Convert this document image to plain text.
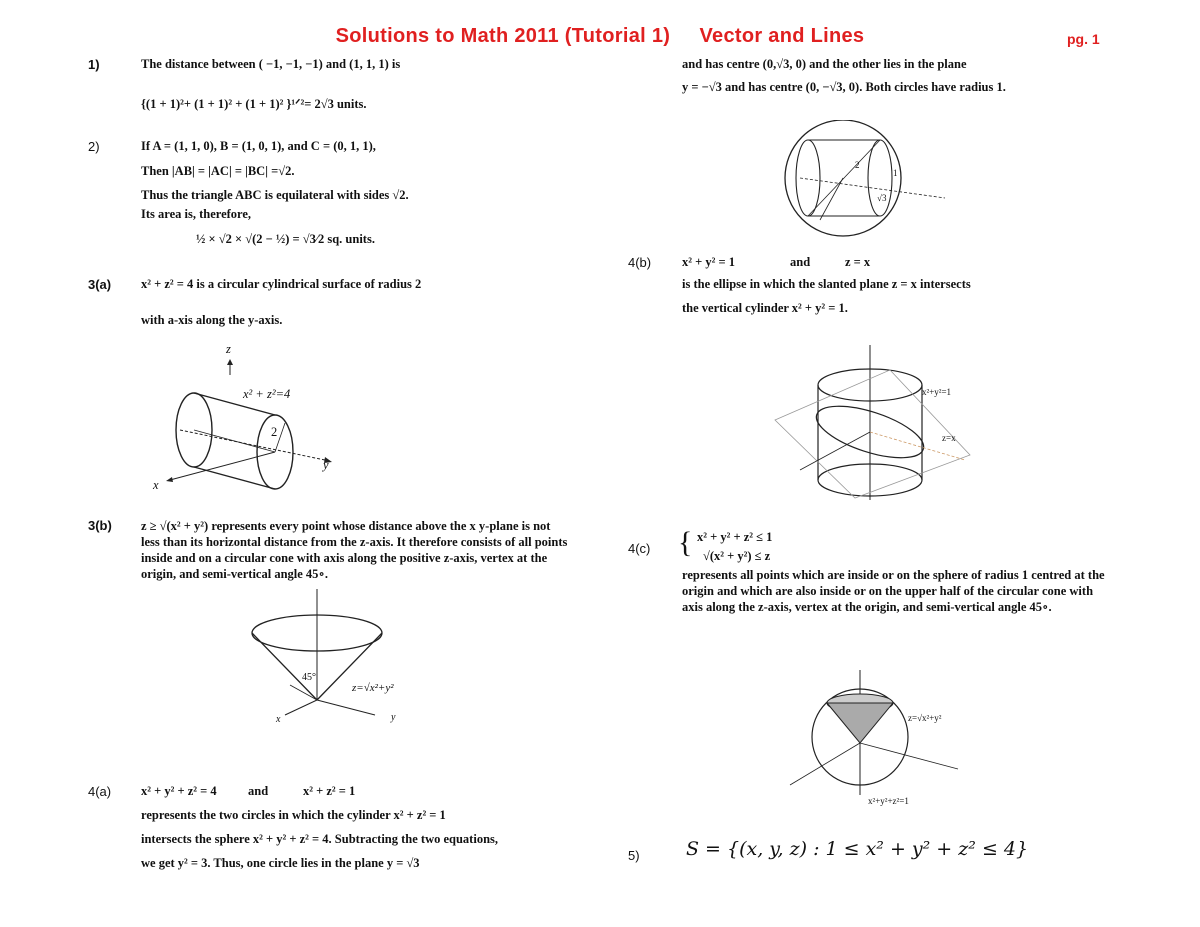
Solutions to Math 2011 (Tutorial 1)     Vector and Lines	pg. 1
1)	The distance between ( −1, −1, −1) and (1, 1, 1) is
{(1 + 1)²+ (1 + 1)² + (1 + 1)² }¹ᐟ²= 2√3 units.
2)	If A = (1, 1, 0), B = (1, 0, 1), and C = (0, 1, 1),
Then |AB| = |AC| = |BC| =√2.
Thus the triangle ABC is equilateral with sides √2.
Its area is, therefore,
½ × √2 × √(2 − ½) = √3⁄2 sq. units.
3(a) x² + z² = 4 is a circular cylindrical surface of radius 2
with a-xis along the y-axis.
z
x² + z²=4
2
y
x
3(b) z ≥ √(x² + y²) represents every point whose distance above the x y-plane is not less than its horizontal distance from the z-axis. It therefore consists of all points inside and on a circular cone with axis along the positive z-axis, vertex at the origin, and semi-vertical angle 45∘.
45°
z=√x²+y²
x	y
4(a) x² + y² + z² = 4	and	x² + z² = 1
represents the two circles in which the cylinder x² + z² = 1
intersects the sphere x² + y² + z² = 4. Subtracting the two equations,
we get y² = 3. Thus, one circle lies in the plane y = √3
and has centre (0,√3, 0) and the other lies in the plane
y = −√3 and has centre (0, −√3, 0). Both circles have radius 1.
2
1
√3
4(b) x² + y² = 1	and	z = x
is the ellipse in which the slanted plane z = x intersects
the vertical cylinder x² + y² = 1.
x²+y²=1
z=x
4(c) { x² + y² + z² ≤ 1
√(x² + y²) ≤ z
represents all points which are inside or on the sphere of radius 1 centred at the origin and which are also inside or on the upper half of the circular cone with axis along the z-axis, vertex at the origin, and semi-vertical angle 45∘.
z=√x²+y²
x²+y²+z²=1
5) S = {(x, y, z) : 1 ≤ x² + y² + z² ≤ 4}
